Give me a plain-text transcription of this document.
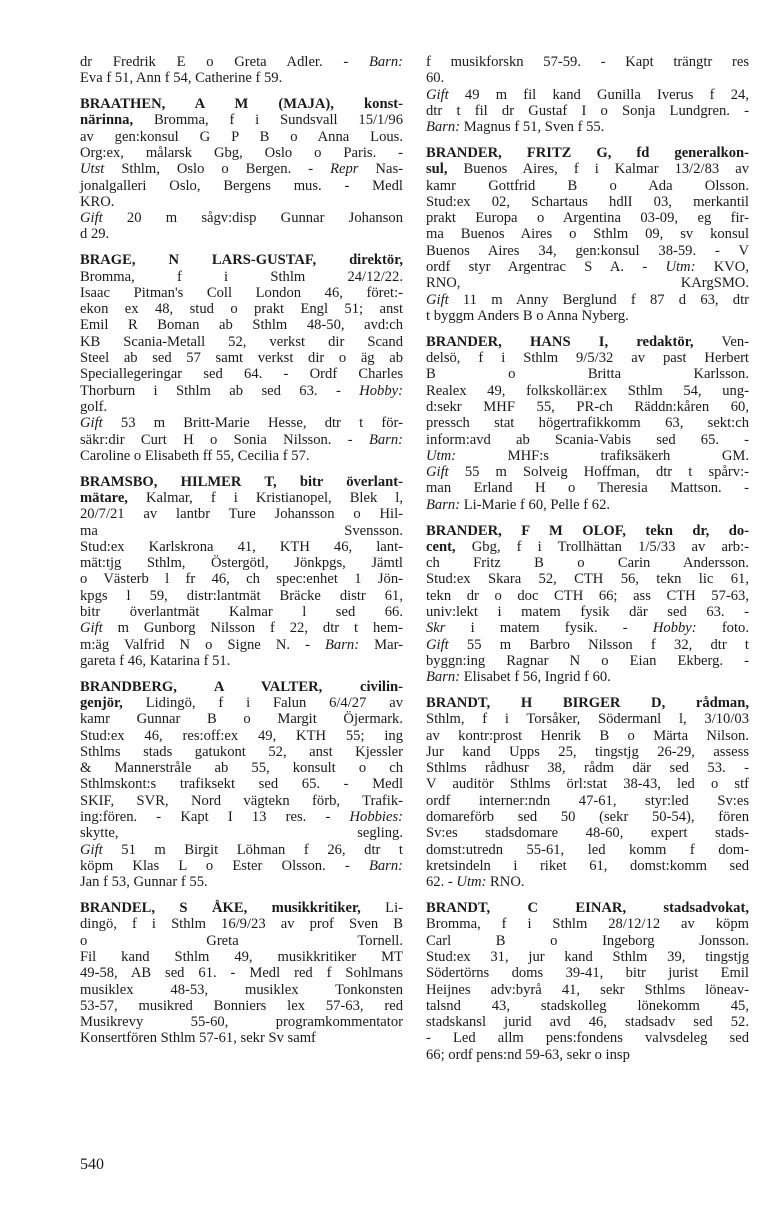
dr Fredrik E o Greta Adler. - Barn:
Eva f 51, Ann f 54, Catherine f 59.
BRAATHEN, A M (MAJA), konst-
närinna, Bromma, f i Sundsvall 15/1/96
av gen:konsul G P B o Anna Lous.
Org:ex, målarsk Gbg, Oslo o Paris. -
Utst Sthlm, Oslo o Bergen. - Repr Nas-
jonalgalleri Oslo, Bergens mus. - Medl
KRO.
Gift 20 m sågv:disp Gunnar Johanson
d 29.
BRAGE, N LARS-GUSTAF, direktör,
Bromma, f i Sthlm 24/12/22.
Isaac Pitman's Coll London 46, föret:-
ekon ex 48, stud o prakt Engl 51; anst
Emil R Boman ab Sthlm 48-50, avd:ch
KB Scania-Metall 52, verkst dir Scand
Steel ab sed 57 samt verkst dir o äg ab
Speciallegeringar sed 64. - Ordf Charles
Thorburn i Sthlm ab sed 63. - Hobby:
golf.
Gift 53 m Britt-Marie Hesse, dtr t för-
säkr:dir Curt H o Sonia Nilsson. - Barn:
Caroline o Elisabeth ff 55, Cecilia f 57.
BRAMSBO, HILMER T, bitr överlant-
mätare, Kalmar, f i Kristianopel, Blek l,
20/7/21 av lantbr Ture Johansson o Hil-
ma Svensson.
Stud:ex Karlskrona 41, KTH 46, lant-
mät:tjg Sthlm, Östergötl, Jönkpgs, Jämtl
o Västerb l fr 46, ch spec:enhet 1 Jön-
kpgs l 59, distr:lantmät Bräcke distr 61,
bitr överlantmät Kalmar l sed 66.
Gift m Gunborg Nilsson f 22, dtr t hem-
m:äg Valfrid N o Signe N. - Barn: Mar-
gareta f 46, Katarina f 51.
BRANDBERG, A VALTER, civilin-
genjör, Lidingö, f i Falun 6/4/27 av
kamr Gunnar B o Margit Öjermark.
Stud:ex 46, res:off:ex 49, KTH 55; ing
Sthlms stads gatukont 52, anst Kjessler
& Mannerstråle ab 55, konsult o ch
Sthlmskont:s trafiksekt sed 65. - Medl
SKIF, SVR, Nord vägtekn förb, Trafik-
ing:fören. - Kapt I 13 res. - Hobbies:
skytte, segling.
Gift 51 m Birgit Löhman f 26, dtr t
köpm Klas L o Ester Olsson. - Barn:
Jan f 53, Gunnar f 55.
BRANDEL, S ÅKE, musikkritiker, Li-
dingö, f i Sthlm 16/9/23 av prof Sven B
o Greta Tornell.
Fil kand Sthlm 49, musikkritiker MT
49-58, AB sed 61. - Medl red f Sohlmans
musiklex 48-53, musiklex Tonkonsten
53-57, musikred Bonniers lex 57-63, red
Musikrevy 55-60, programkommentator
Konsertfören Sthlm 57-61, sekr Sv samf
f musikforskn 57-59. - Kapt trängtr res
60.
Gift 49 m fil kand Gunilla Iverus f 24,
dtr t fil dr Gustaf I o Sonja Lundgren. -
Barn: Magnus f 51, Sven f 55.
BRANDER, FRITZ G, fd generalkon-
sul, Buenos Aires, f i Kalmar 13/2/83 av
kamr Gottfrid B o Ada Olsson.
Stud:ex 02, Schartaus hdlI 03, merkantil
prakt Europa o Argentina 03-09, eg fir-
ma Buenos Aires o Sthlm 09, sv konsul
Buenos Aires 34, gen:konsul 38-59. - V
ordf styr Argentrac S A. - Utm: KVO,
RNO, KArgSMO.
Gift 11 m Anny Berglund f 87 d 63, dtr
t byggm Anders B o Anna Nyberg.
BRANDER, HANS I, redaktör, Ven-
delsö, f i Sthlm 9/5/32 av past Herbert
B o Britta Karlsson.
Realex 49, folkskollär:ex Sthlm 54, ung-
d:sekr MHF 55, PR-ch Räddn:kåren 60,
pressch stat högertrafikkomm 63, sekt:ch
inform:avd ab Scania-Vabis sed 65. -
Utm: MHF:s trafiksäkerh GM.
Gift 55 m Solveig Hoffman, dtr t spårv:-
man Erland H o Theresia Mattson. -
Barn: Li-Marie f 60, Pelle f 62.
BRANDER, F M OLOF, tekn dr, do-
cent, Gbg, f i Trollhättan 1/5/33 av arb:-
ch Fritz B o Carin Andersson.
Stud:ex Skara 52, CTH 56, tekn lic 61,
tekn dr o doc CTH 66; ass CTH 57-63,
univ:lekt i matem fysik där sed 63. -
Skr i matem fysik. - Hobby: foto.
Gift 55 m Barbro Nilsson f 32, dtr t
byggn:ing Ragnar N o Eian Ekberg. -
Barn: Elisabet f 56, Ingrid f 60.
BRANDT, H BIRGER D, rådman,
Sthlm, f i Torsåker, Södermanl l, 3/10/03
av kontr:prost Henrik B o Märta Nilson.
Jur kand Upps 25, tingstjg 26-29, assess
Sthlms rådhusr 38, rådm där sed 53. -
V auditör Sthlms örl:stat 38-43, led o stf
ordf interner:ndn 47-61, styr:led Sv:es
domareförb sed 50 (sekr 50-54), fören
Sv:es stadsdomare 48-60, expert stads-
domst:utredn 55-61, led komm f dom-
kretsindeln i riket 61, domst:komm sed
62. - Utm: RNO.
BRANDT, C EINAR, stadsadvokat,
Bromma, f i Sthlm 28/12/12 av köpm
Carl B o Ingeborg Jonsson.
Stud:ex 31, jur kand Sthlm 39, tingstjg
Södertörns doms 39-41, bitr jurist Emil
Heijnes adv:byrå 41, sekr Sthlms löneav-
talsnd 43, stadskolleg lönekomm 45,
stadskansl jurid avd 46, stadsadv sed 52.
- Led allm pens:fondens valvsdeleg sed
66; ordf pens:nd 59-63, sekr o insp
540
